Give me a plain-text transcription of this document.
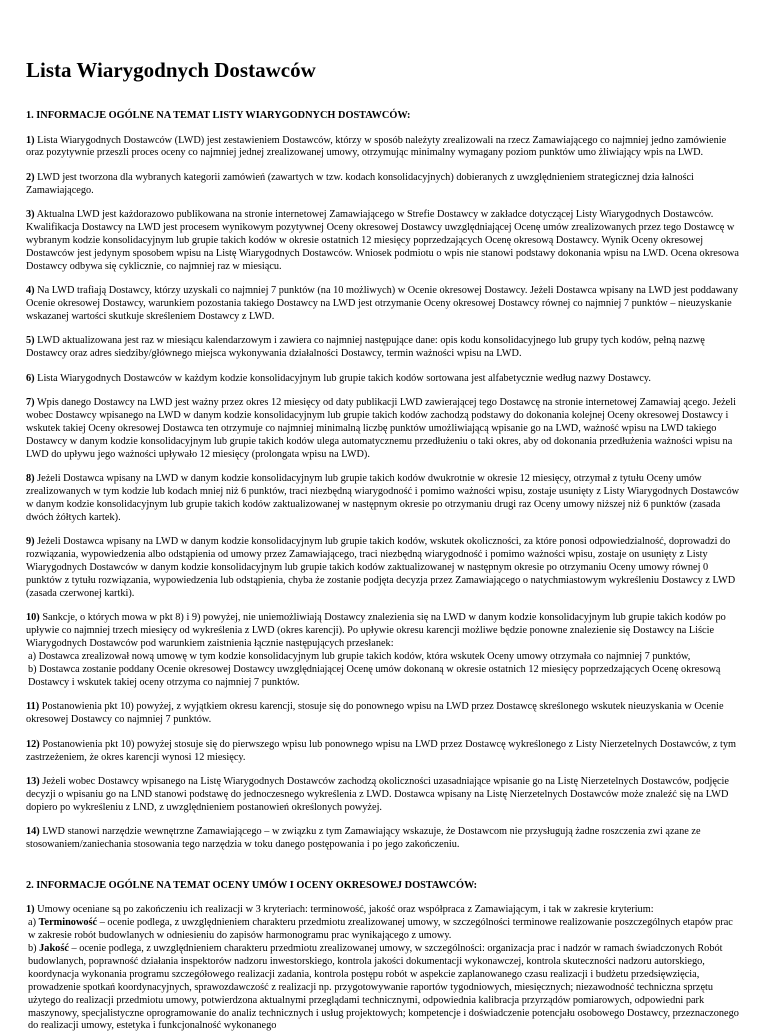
Lista Wiarygodnych Dostawców
1. INFORMACJE OGÓLNE NA TEMAT LISTY WIARYGODNYCH DOSTAWCÓW:

1) Lista Wiarygodnych Dostawców (LWD) jest zestawieniem Dostawców, którzy w sposób należyty zrealizowali na rzecz Zamawiającego co najmniej jedno zamówienie oraz pozytywnie przeszli proces oceny co najmniej jednej zrealizowanej umowy, otrzymując minimalny wymagany poziom punktów umo żliwiający wpis na LWD.

2) LWD jest tworzona dla wybranych kategorii zamówień (zawartych w tzw. kodach konsolidacyjnych) dobieranych z uwzględnieniem strategicznej dzia łalności Zamawiającego.

3) Aktualna LWD jest każdorazowo publikowana na stronie internetowej Zamawiającego w Strefie Dostawcy w zakładce dotyczącej Listy Wiarygodnych Dostawców. Kwalifikacja Dostawcy na LWD jest procesem wynikowym pozytywnej Oceny okresowej Dostawcy uwzględniającej Ocenę umów zrealizowanych przez tego Dostawcę w wybranym kodzie konsolidacyjnym lub grupie takich kodów w okresie ostatnich 12 miesięcy poprzedzających Ocenę okresową Dostawcy. Wynik Oceny okresowej Dostawców jest jedynym sposobem wpisu na Listę Wiarygodnych Dostawców. Wniosek podmiotu o wpis nie stanowi podstawy dokonania wpisu na LWD. Ocena okresowa Dostawcy odbywa się cyklicznie, co najmniej raz w miesiącu.

4) Na LWD trafiają Dostawcy, którzy uzyskali co najmniej 7 punktów (na 10 możliwych) w Ocenie okresowej Dostawcy. Jeżeli Dostawca wpisany na LWD jest poddawany Ocenie okresowej Dostawcy, warunkiem pozostania takiego Dostawcy na LWD jest otrzymanie Oceny okresowej Dostawcy równej co najmniej 7 punktów – nieuzyskanie wskazanej wartości skutkuje skreśleniem Dostawcy z LWD.

5) LWD aktualizowana jest raz w miesiącu kalendarzowym i zawiera co najmniej następujące dane: opis kodu konsolidacyjnego lub grupy tych kodów, pełną nazwę Dostawcy oraz adres siedziby/głównego miejsca wykonywania działalności Dostawcy, termin ważności wpisu na LWD.

6) Lista Wiarygodnych Dostawców w każdym kodzie konsolidacyjnym lub grupie takich kodów sortowana jest alfabetycznie według nazwy Dostawcy.

7) Wpis danego Dostawcy na LWD jest ważny przez okres 12 miesięcy od daty publikacji LWD zawierającej tego Dostawcę na stronie internetowej Zamawiaj ącego. Jeżeli wobec Dostawcy wpisanego na LWD w danym kodzie konsolidacyjnym lub grupie takich kodów zachodzą podstawy do dokonania kolejnej Oceny okresowej Dostawcy i wskutek takiej Oceny okresowej Dostawca ten otrzymuje co najmniej minimalną liczbę punktów umożliwiającą wpisanie go na LWD, ważność wpisu na LWD takiego Dostawcy w danym kodzie konsolidacyjnym lub grupie takich kodów ulega automatycznemu przedłużeniu o taki okres, aby od dokonania przedłużenia ważności wpisu na LWD do upływu jego ważności upływało 12 miesięcy (prolongata wpisu na LWD).

8) Jeżeli Dostawca wpisany na LWD w danym kodzie konsolidacyjnym lub grupie takich kodów dwukrotnie w okresie 12 miesięcy, otrzymał z tytułu Oceny umów zrealizowanych w tym kodzie lub kodach mniej niż 6 punktów, traci niezbędną wiarygodność i pomimo ważności wpisu, zostaje usunięty z Listy Wiarygodnych Dostawców w danym kodzie konsolidacyjnym lub grupie takich kodów zaktualizowanej w następnym okresie po otrzymaniu drugi raz Oceny umowy niższej niż 6 punktów (zasada dwóch żółtych kartek).

9) Jeżeli Dostawca wpisany na LWD w danym kodzie konsolidacyjnym lub grupie takich kodów, wskutek okoliczności, za które ponosi odpowiedzialność, doprowadzi do rozwiązania, wypowiedzenia albo odstąpienia od umowy przez Zamawiającego, traci niezbędną wiarygodność i pomimo ważności wpisu, zostaje on usunięty z Listy Wiarygodnych Dostawców w danym kodzie konsolidacyjnym lub grupie takich kodów zaktualizowanej w następnym okresie po otrzymaniu Oceny umowy równej 0 punktów z tytułu rozwiązania, wypowiedzenia lub odstąpienia, chyba że zostanie podjęta decyzja przez Zamawiającego o natychmiastowym wykreśleniu Dostawcy z LWD (zasada czerwonej kartki).

10) Sankcje, o których mowa w pkt 8) i 9) powyżej, nie uniemożliwiają Dostawcy znalezienia się na LWD w danym kodzie konsolidacyjnym lub grupie takich kodów po upływie co najmniej trzech miesięcy od wykreślenia z LWD (okres karencji). Po upływie okresu karencji możliwe będzie ponowne znalezienie się Dostawcy na Liście Wiarygodnych Dostawców pod warunkiem zaistnienia łącznie następujących przesłanek:
a) Dostawca zrealizował nową umowę w tym kodzie konsolidacyjnym lub grupie takich kodów, która wskutek Oceny umowy otrzymała co najmniej 7 punktów,
b) Dostawca zostanie poddany Ocenie okresowej Dostawcy uwzględniającej Ocenę umów dokonaną w okresie ostatnich 12 miesięcy poprzedzających Ocenę okresową Dostawcy i wskutek takiej oceny otrzyma co najmniej 7 punktów.

11) Postanowienia pkt 10) powyżej, z wyjątkiem okresu karencji, stosuje się do ponownego wpisu na LWD przez Dostawcę skreślonego wskutek nieuzyskania w Ocenie okresowej Dostawcy co najmniej 7 punktów.

12) Postanowienia pkt 10) powyżej stosuje się do pierwszego wpisu lub ponownego wpisu na LWD przez Dostawcę wykreślonego z Listy Nierzetelnych Dostawców, z tym zastrzeżeniem, że okres karencji wynosi 12 miesięcy.

13) Jeżeli wobec Dostawcy wpisanego na Listę Wiarygodnych Dostawców zachodzą okoliczności uzasadniające wpisanie go na Listę Nierzetelnych Dostawców, podjęcie decyzji o wpisaniu go na LND stanowi podstawę do jednoczesnego wykreślenia z LWD. Dostawca wpisany na Listę Nierzetelnych Dostawców może znaleźć się na LWD dopiero po wykreśleniu z LND, z uwzględnieniem postanowień określonych powyżej.

14) LWD stanowi narzędzie wewnętrzne Zamawiającego – w związku z tym Zamawiający wskazuje, że Dostawcom nie przysługują żadne roszczenia zwi ązane ze stosowaniem/zaniechania stosowania tego narzędzia w toku danego postępowania i po jego zakończeniu.

2. INFORMACJE OGÓLNE NA TEMAT OCENY UMÓW I OCENY OKRESOWEJ DOSTAWCÓW:

1) Umowy oceniane są po zakończeniu ich realizacji w 3 kryteriach: terminowość, jakość oraz współpraca z Zamawiającym, i tak w zakresie kryterium:
a) Terminowość – ocenie podlega, z uwzględnieniem charakteru przedmiotu zrealizowanej umowy, w szczególności terminowe realizowanie poszczególnych etapów prac w zakresie robót budowlanych w odniesieniu do zapisów harmonogramu prac wynikającego z umowy.
b) Jakość – ocenie podlega, z uwzględnieniem charakteru przedmiotu zrealizowanej umowy, w szczególności: organizacja prac i nadzór w ramach świadczonych Robót budowlanych, poprawność działania inspektorów nadzoru inwestorskiego, kontrola jakości dokumentacji wykonawczej, kontrola skuteczności nadzoru autorskiego, koordynacja wykonania programu szczegółowego realizacji zadania, kontrola postępu robót w aspekcie zaplanowanego czasu realizacji i budżetu przedsięwzięcia, prowadzenie spotkań koordynacyjnych, sprawozdawczość z realizacji np. przygotowywanie raportów tygodniowych, miesięcznych; niezawodność techniczna sprzętu użytego do realizacji przedmiotu umowy, potwierdzona aktualnymi przeglądami technicznymi, odpowiednia kalibracja przyrządów pomiarowych, odpowiedni park maszynowy, specjalistyczne oprogramowanie do analiz technicznych i usług projektowych; kompetencje i doświadczenie potencjału osobowego Dostawcy, przeznaczonego do realizacji umowy, estetyka i funkcjonalność wykonanego
